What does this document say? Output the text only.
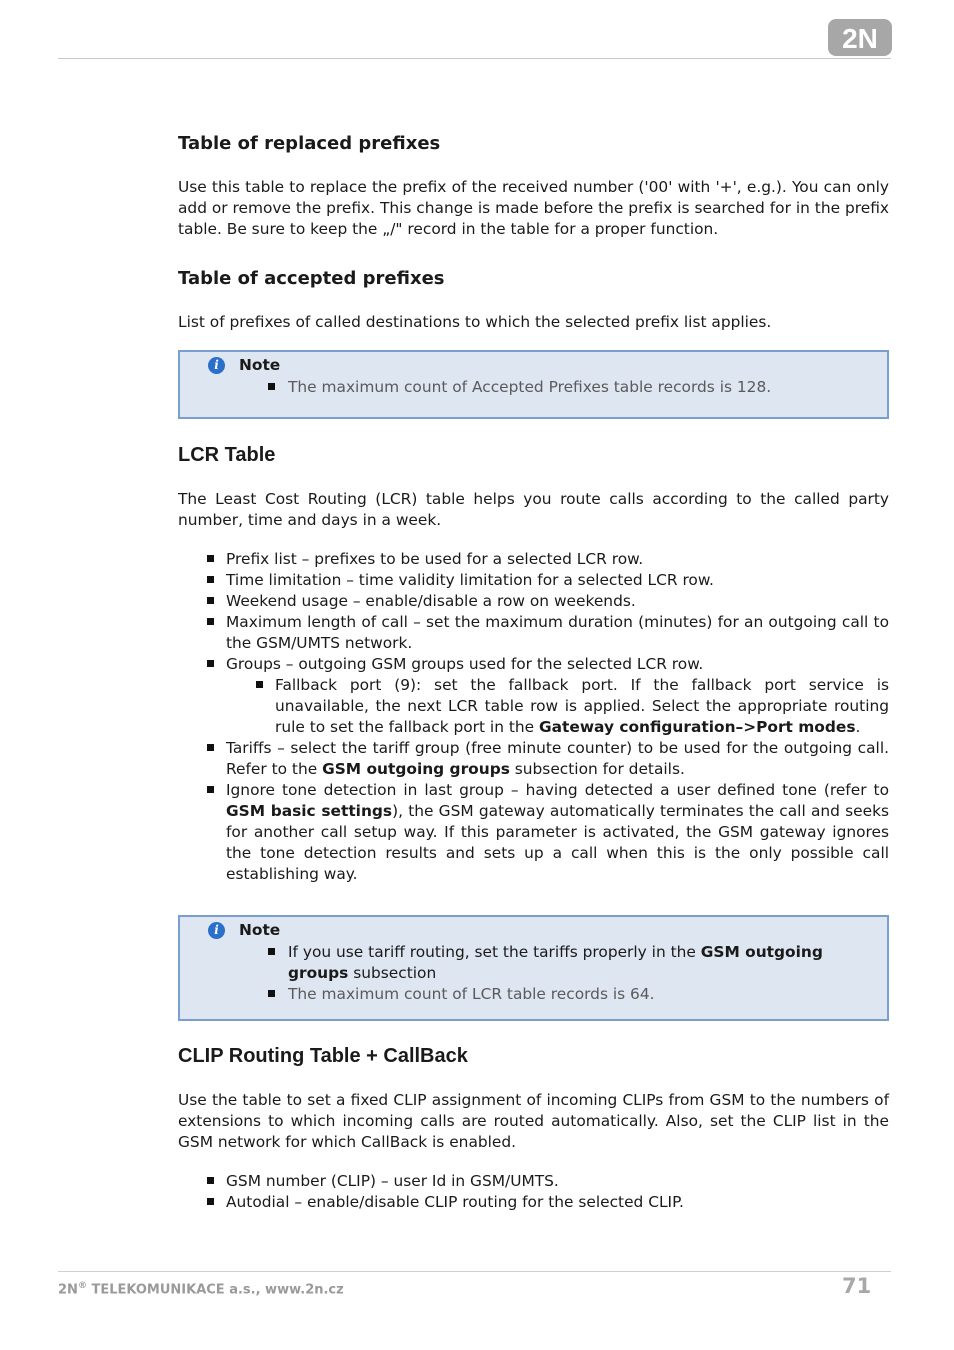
2N
Table of replaced prefixes

Use this table to replace the prefix of the received number ('00' with '+', e.g.). You can only add or remove the prefix. This change is made before the prefix is searched for in the prefix table. Be sure to keep the „/" record in the table for a proper function.

Table of accepted prefixes

List of prefixes of called destinations to which the selected prefix list applies.

i	Note
The maximum count of Accepted Prefixes table records is 128.
LCR Table

The Least Cost Routing (LCR) table helps you route calls according to the called party number, time and days in a week.

Prefix list – prefixes to be used for a selected LCR row.
Time limitation – time validity limitation for a selected LCR row.
Weekend usage – enable/disable a row on weekends.
Maximum length of call – set the maximum duration (minutes) for an outgoing call to the GSM/UMTS network.
Groups – outgoing GSM groups used for the selected LCR row.
Fallback port (9): set the fallback port. If the fallback port service is unavailable, the next LCR table row is applied. Select the appropriate routing rule to set the fallback port in the Gateway configuration–>Port modes.
Tariffs – select the tariff group (free minute counter) to be used for the outgoing call. Refer to the GSM outgoing groups subsection for details.
Ignore tone detection in last group – having detected a user defined tone (refer to GSM basic settings), the GSM gateway automatically terminates the call and seeks for another call setup way. If this parameter is activated, the GSM gateway ignores the tone detection results and sets up a call when this is the only possible call establishing way.
i	Note
If you use tariff routing, set the tariffs properly in the GSM outgoing groups subsection
The maximum count of LCR table records is 64.
CLIP Routing Table + CallBack

Use the table to set a fixed CLIP assignment of incoming CLIPs from GSM to the numbers of extensions to which incoming calls are routed automatically. Also, set the CLIP list in the GSM network for which CallBack is enabled.

GSM number (CLIP) – user Id in GSM/UMTS.
Autodial – enable/disable CLIP routing for the selected CLIP.
2N® TELEKOMUNIKACE a.s., www.2n.cz	71
